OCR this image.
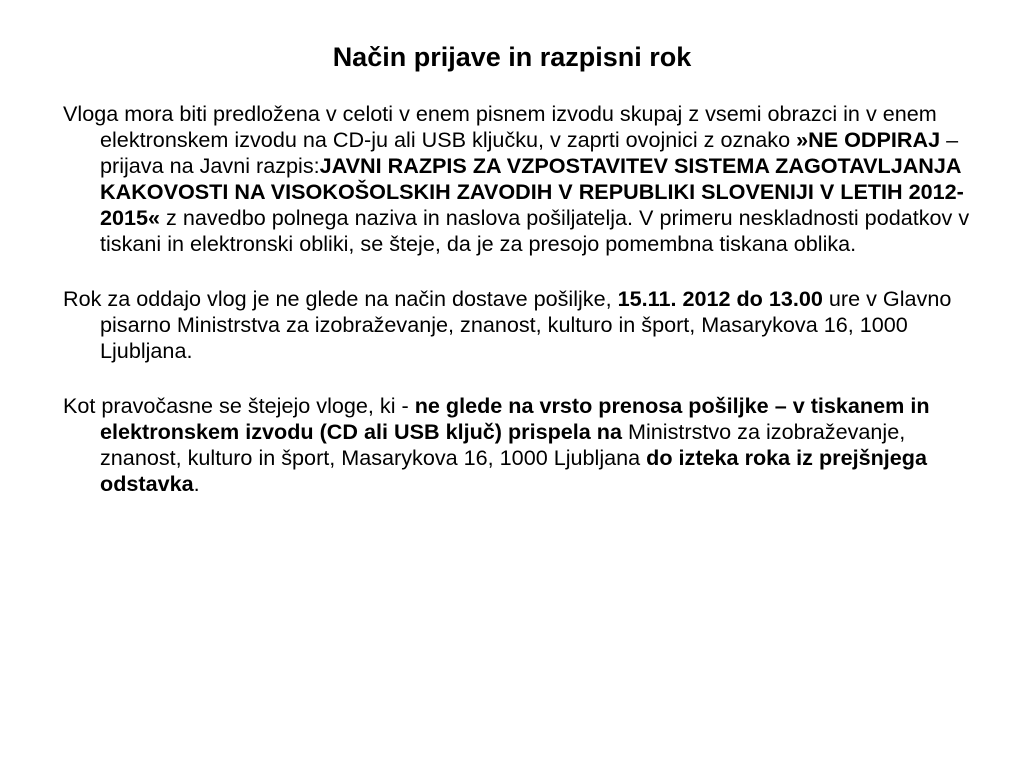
Način prijave in razpisni rok

Vloga mora biti predložena v celoti v enem pisnem izvodu skupaj z vsemi obrazci in v enem elektronskem izvodu na CD-ju ali USB ključku, v zaprti ovojnici z oznako »NE ODPIRAJ – prijava na Javni razpis:JAVNI RAZPIS ZA VZPOSTAVITEV SISTEMA ZAGOTAVLJANJA KAKOVOSTI NA VISOKOŠOLSKIH ZAVODIH V REPUBLIKI SLOVENIJI V LETIH 2012-2015« z navedbo polnega naziva in naslova pošiljatelja. V primeru neskladnosti podatkov v tiskani in elektronski obliki, se šteje, da je za presojo pomembna tiskana oblika.

Rok za oddajo vlog je ne glede na način dostave pošiljke, 15.11. 2012 do 13.00 ure v Glavno pisarno Ministrstva za izobraževanje, znanost, kulturo in šport, Masarykova 16, 1000 Ljubljana.

Kot pravočasne se štejejo vloge, ki - ne glede na vrsto prenosa pošiljke – v tiskanem in elektronskem izvodu (CD ali USB ključ) prispela na Ministrstvo za izobraževanje, znanost, kulturo in šport, Masarykova 16, 1000 Ljubljana do izteka roka iz prejšnjega odstavka.
